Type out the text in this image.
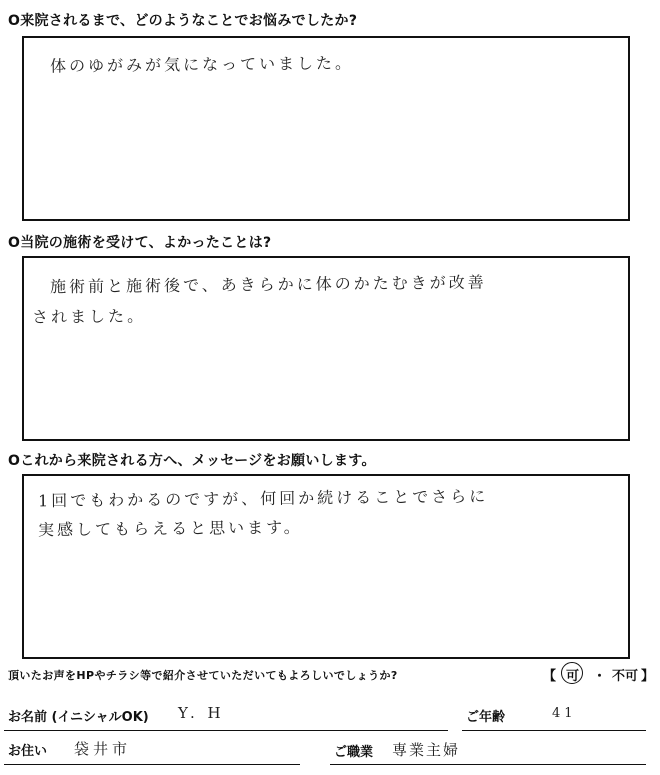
O来院されるまで、どのようなことでお悩みでしたか?
体のゆがみが気になっていました。
O当院の施術を受けて、よかったことは?
施術前と施術後で、あきらかに体のかたむきが改善
されました。
Oこれから来院される方へ、メッセージをお願いします。
1回でもわかるのですが、何回か続けることでさらに
実感してもらえると思います。
頂いたお声をHPやチラシ等で紹介させていただいてもよろしいでしょうか?	【 可 ・ 不可 】
お名前 (イニシャルOK) Y. H	ご年齢	41
お住い 袋井市	ご職業 専業主婦
